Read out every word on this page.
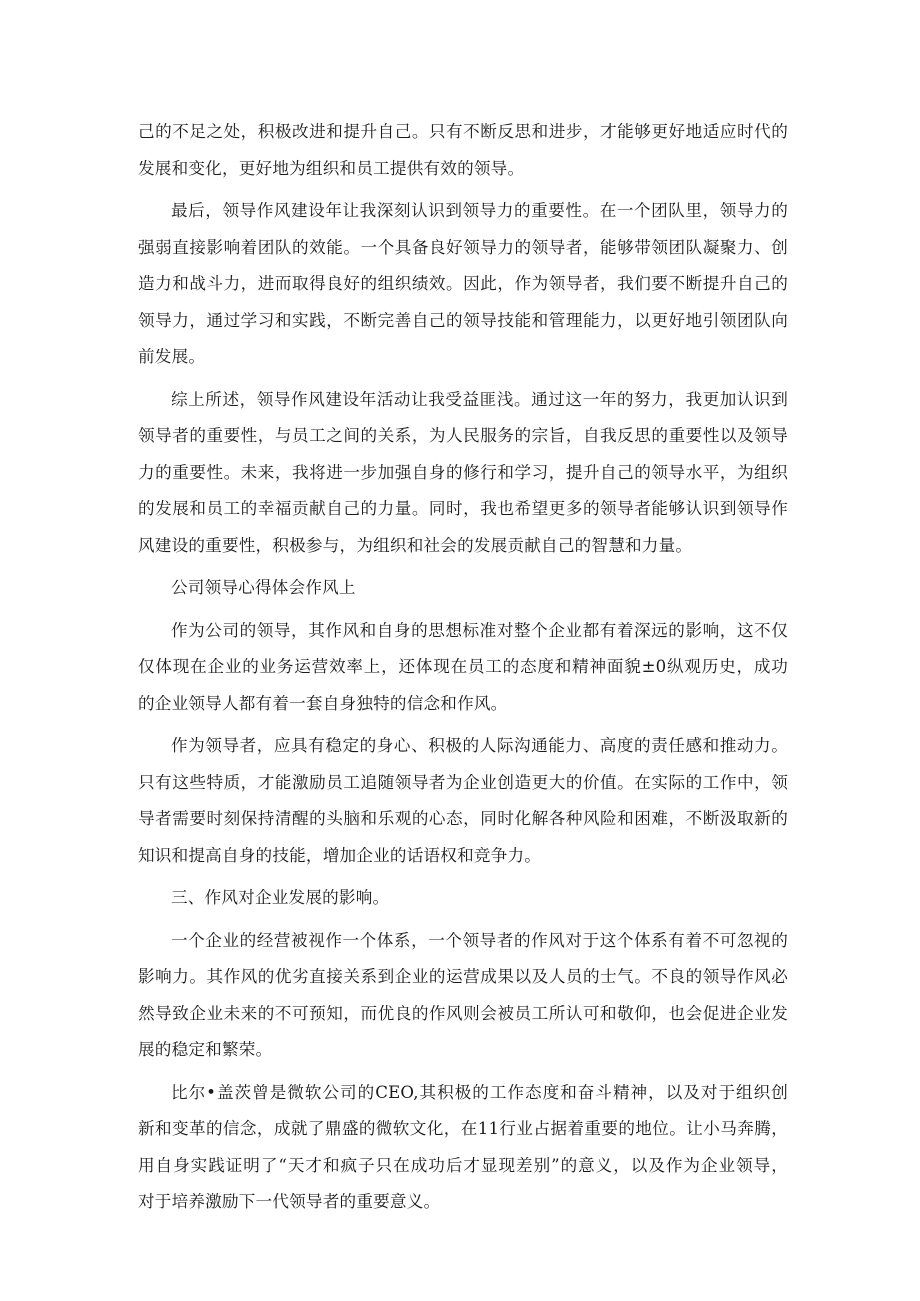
己的不足之处，积极改进和提升自己。只有不断反思和进步，才能够更好地适应时代的
发展和变化，更好地为组织和员工提供有效的领导。
最后，领导作风建设年让我深刻认识到领导力的重要性。在一个团队里，领导力的
强弱直接影响着团队的效能。一个具备良好领导力的领导者，能够带领团队凝聚力、创
造力和战斗力，进而取得良好的组织绩效。因此，作为领导者，我们要不断提升自己的
领导力，通过学习和实践，不断完善自己的领导技能和管理能力，以更好地引领团队向
前发展。
综上所述，领导作风建设年活动让我受益匪浅。通过这一年的努力，我更加认识到
领导者的重要性，与员工之间的关系，为人民服务的宗旨，自我反思的重要性以及领导
力的重要性。未来，我将进一步加强自身的修行和学习，提升自己的领导水平，为组织
的发展和员工的幸福贡献自己的力量。同时，我也希望更多的领导者能够认识到领导作
风建设的重要性，积极参与，为组织和社会的发展贡献自己的智慧和力量。
公司领导心得体会作风上
作为公司的领导，其作风和自身的思想标准对整个企业都有着深远的影响，这不仅
仅体现在企业的业务运营效率上，还体现在员工的态度和精神面貌±0纵观历史，成功
的企业领导人都有着一套自身独特的信念和作风。
作为领导者，应具有稳定的身心、积极的人际沟通能力、高度的责任感和推动力。
只有这些特质，才能激励员工追随领导者为企业创造更大的价值。在实际的工作中，领
导者需要时刻保持清醒的头脑和乐观的心态，同时化解各种风险和困难，不断汲取新的
知识和提高自身的技能，增加企业的话语权和竞争力。
三、作风对企业发展的影响。
一个企业的经营被视作一个体系，一个领导者的作风对于这个体系有着不可忽视的
影响力。其作风的优劣直接关系到企业的运营成果以及人员的士气。不良的领导作风必
然导致企业未来的不可预知，而优良的作风则会被员工所认可和敬仰，也会促进企业发
展的稳定和繁荣。
比尔•盖茨曾是微软公司的CEO,其积极的工作态度和奋斗精神，以及对于组织创
新和变革的信念，成就了鼎盛的微软文化，在11行业占据着重要的地位。让小马奔腾，
用自身实践证明了“天才和疯子只在成功后才显现差别”的意义，以及作为企业领导，
对于培养激励下一代领导者的重要意义。
